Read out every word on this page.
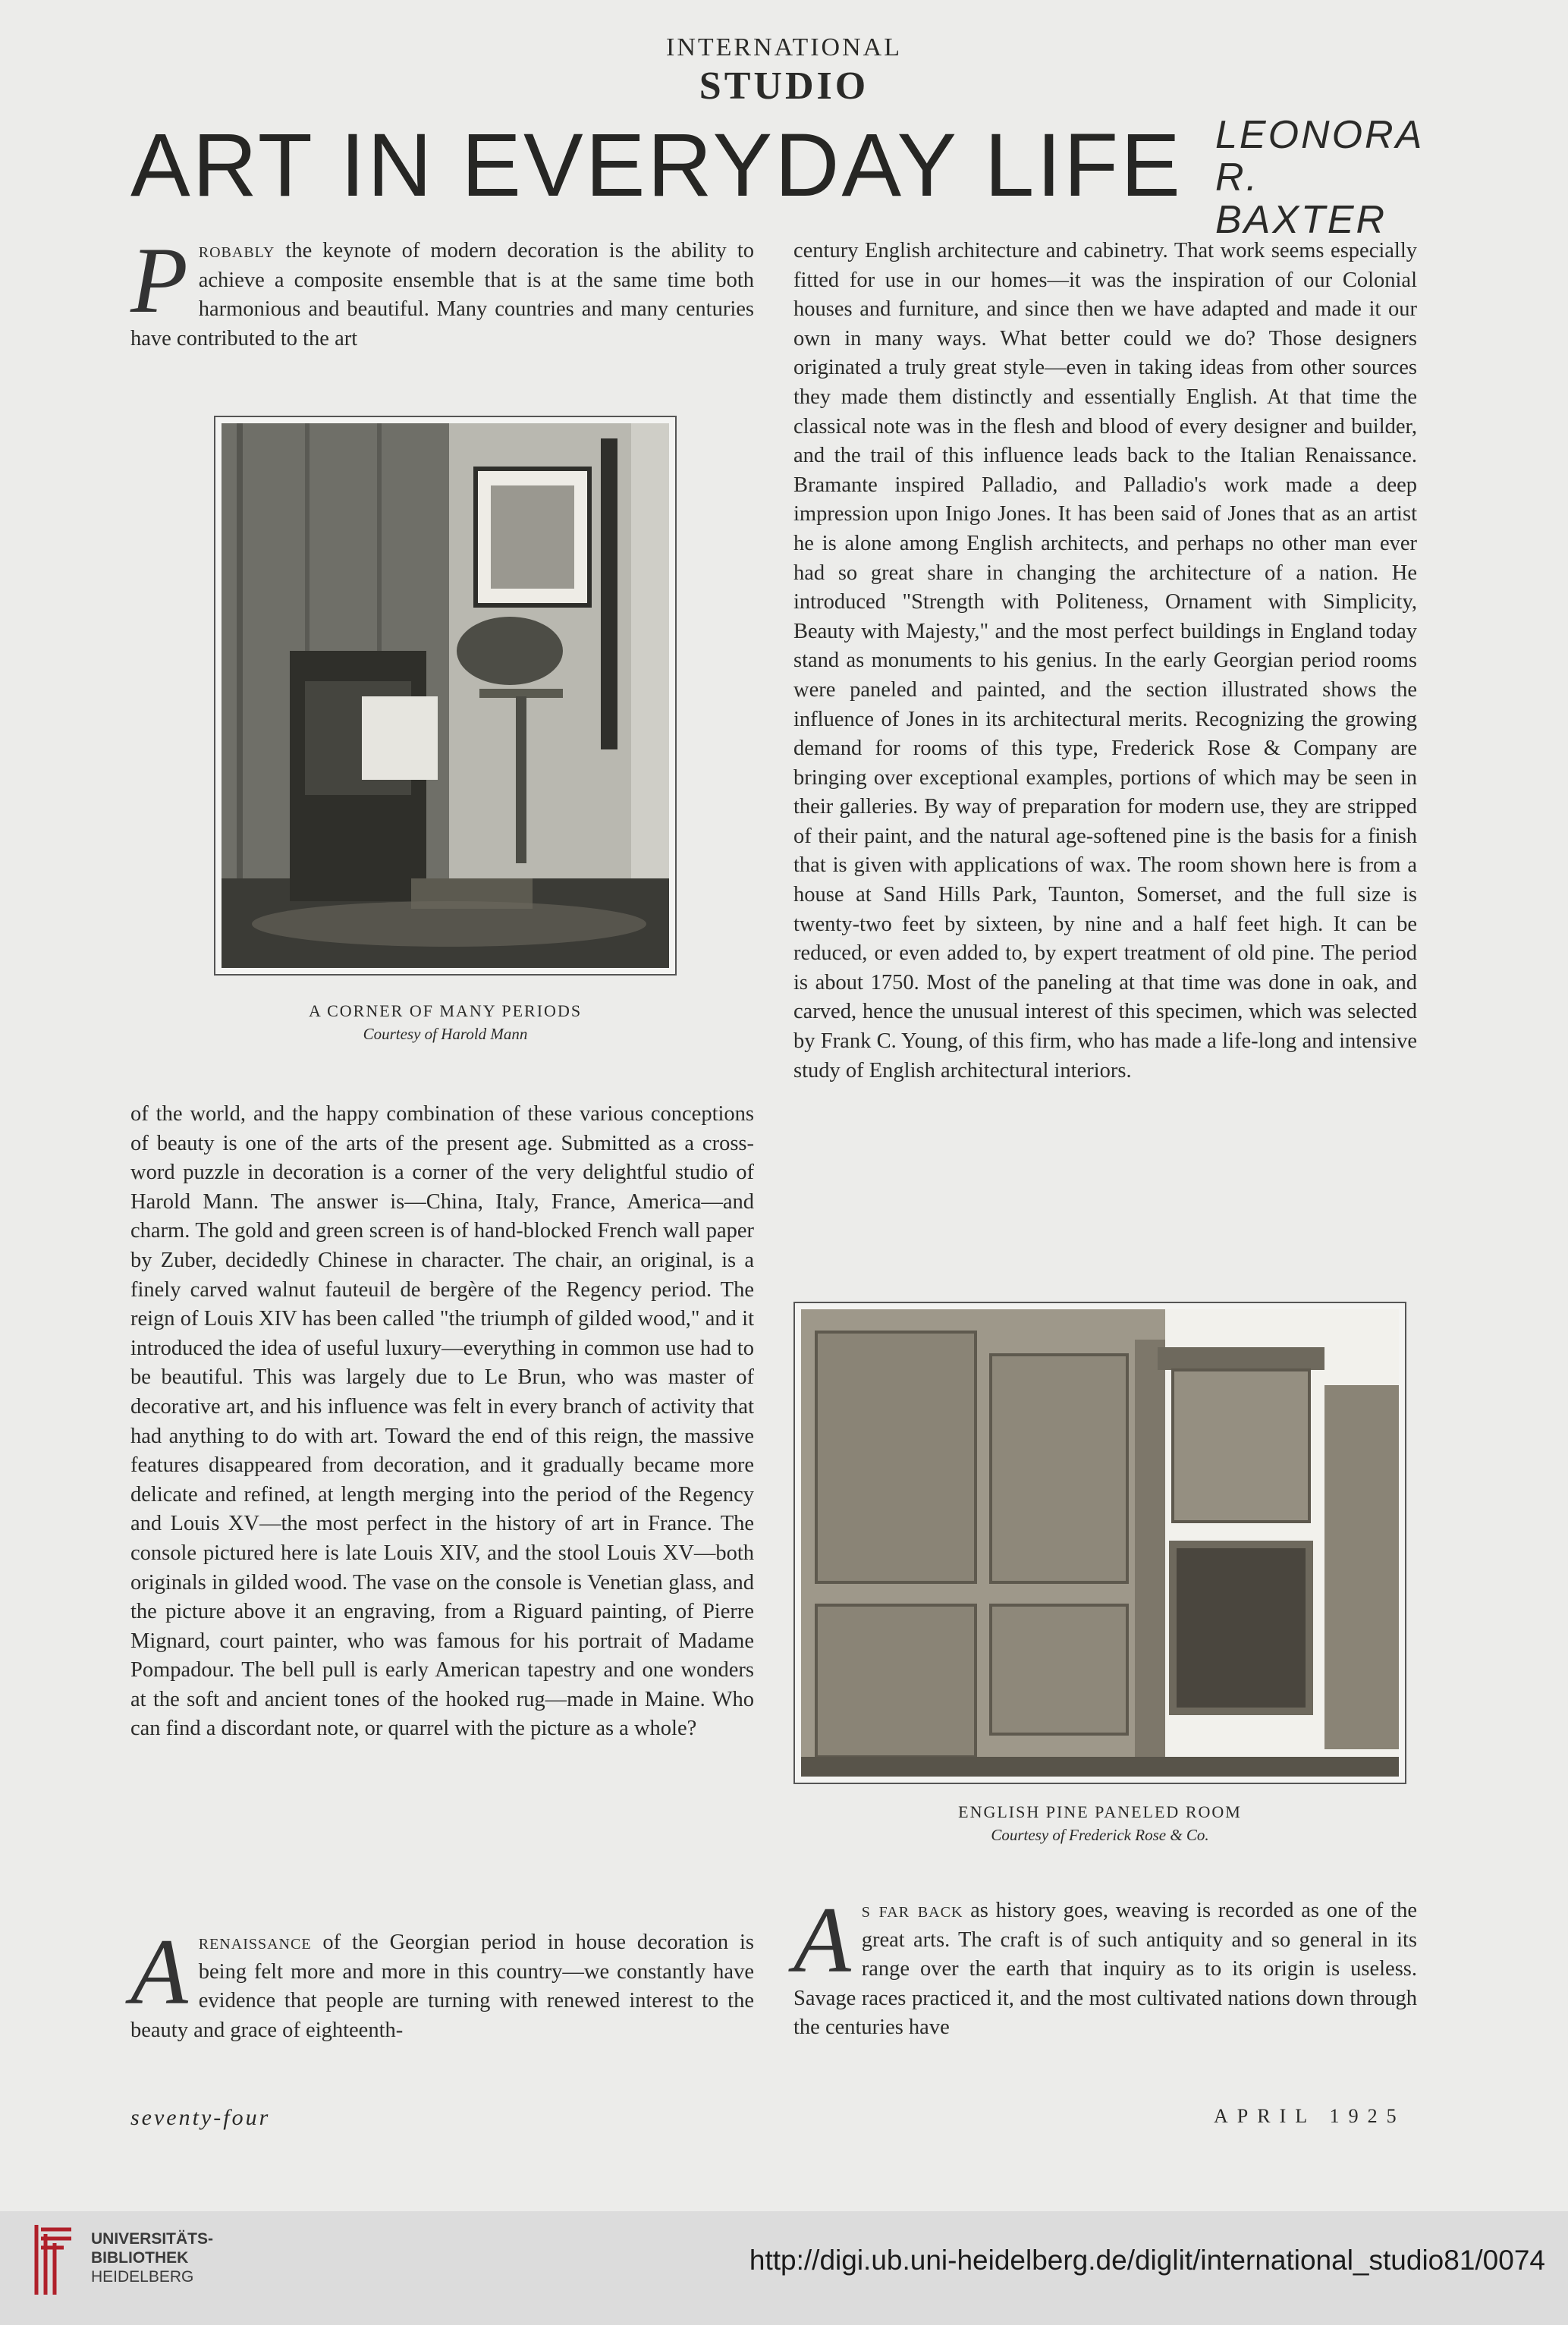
INTERNATIONAL
STUDIO
ART IN EVERYDAY LIFE LEONORA
R. BAXTER

P robably the keynote of modern decoration is the ability to achieve a composite ensemble that is at the same time both harmonious and beautiful. Many countries and many centuries have contributed to the art

A CORNER OF MANY PERIODS
Courtesy of Harold Mann

of the world, and the happy combination of these various conceptions of beauty is one of the arts of the present age. Submitted as a cross-word puzzle in decoration is a corner of the very delightful studio of Harold Mann. The answer is—China, Italy, France, America—and charm. The gold and green screen is of hand-blocked French wall paper by Zuber, decidedly Chinese in character. The chair, an original, is a finely carved walnut fauteuil de bergère of the Regency period. The reign of Louis XIV has been called "the triumph of gilded wood," and it introduced the idea of useful luxury—everything in common use had to be beautiful. This was largely due to Le Brun, who was master of decorative art, and his influence was felt in every branch of activity that had anything to do with art. Toward the end of this reign, the massive features disappeared from decoration, and it gradually became more delicate and refined, at length merging into the period of the Regency and Louis XV—the most perfect in the history of art in France. The console pictured here is late Louis XIV, and the stool Louis XV—both originals in gilded wood. The vase on the console is Venetian glass, and the picture above it an engraving, from a Riguard painting, of Pierre Mignard, court painter, who was famous for his portrait of Madame Pompadour. The bell pull is early American tapestry and one wonders at the soft and ancient tones of the hooked rug—made in Maine. Who can find a discordant note, or quarrel with the picture as a whole?

A renaissance of the Georgian period in house decoration is being felt more and more in this country—we constantly have evidence that people are turning with renewed interest to the beauty and grace of eighteenth-

century English architecture and cabinetry. That work seems especially fitted for use in our homes—it was the inspiration of our Colonial houses and furniture, and since then we have adapted and made it our own in many ways. What better could we do? Those designers originated a truly great style—even in taking ideas from other sources they made them distinctly and essentially English. At that time the classical note was in the flesh and blood of every designer and builder, and the trail of this influence leads back to the Italian Renaissance. Bramante inspired Palladio, and Palladio's work made a deep impression upon Inigo Jones. It has been said of Jones that as an artist he is alone among English architects, and perhaps no other man ever had so great share in changing the architecture of a nation. He introduced "Strength with Politeness, Ornament with Simplicity, Beauty with Majesty," and the most perfect buildings in England today stand as monuments to his genius. In the early Georgian period rooms were paneled and painted, and the section illustrated shows the influence of Jones in its architectural merits. Recognizing the growing demand for rooms of this type, Frederick Rose & Company are bringing over exceptional examples, portions of which may be seen in their galleries. By way of preparation for modern use, they are stripped of their paint, and the natural age-softened pine is the basis for a finish that is given with applications of wax. The room shown here is from a house at Sand Hills Park, Taunton, Somerset, and the full size is twenty-two feet by sixteen, by nine and a half feet high. It can be reduced, or even added to, by expert treatment of old pine. The period is about 1750. Most of the paneling at that time was done in oak, and carved, hence the unusual interest of this specimen, which was selected by Frank C. Young, of this firm, who has made a life-long and intensive study of English architectural interiors.

ENGLISH PINE PANELED ROOM
Courtesy of Frederick Rose & Co.

A s far back as history goes, weaving is recorded as one of the great arts. The craft is of such antiquity and so general in its range over the earth that inquiry as to its origin is useless. Savage races practiced it, and the most cultivated nations down through the centuries have

seventy-four	APRIL 1925
UNIVERSITÄTS-
BIBLIOTHEK
HEIDELBERG
http://digi.ub.uni-heidelberg.de/diglit/international_studio81/0074
